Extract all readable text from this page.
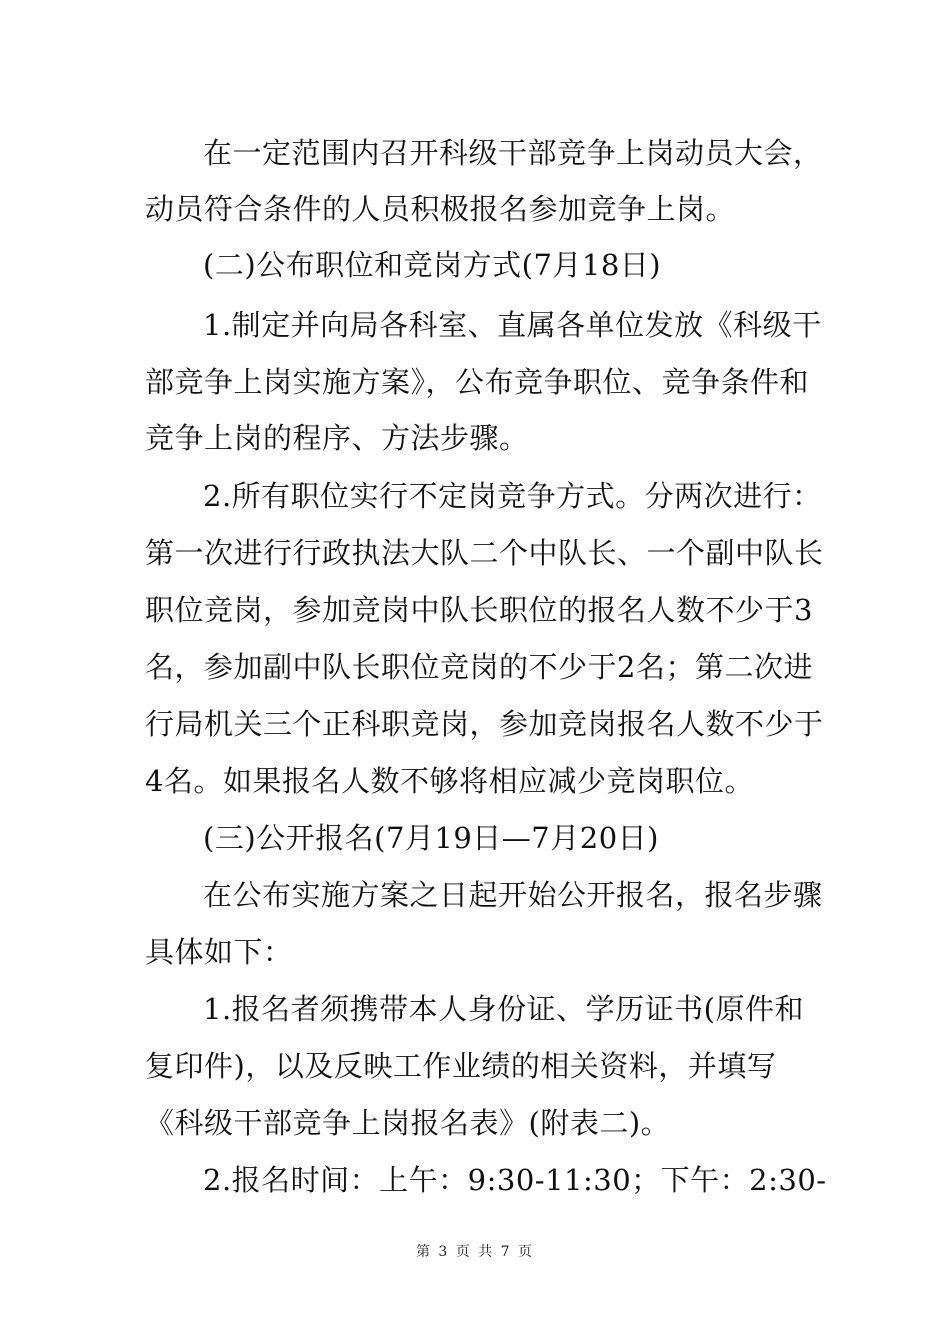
在一定范围内召开科级干部竞争上岗动员大会，
动员符合条件的人员积极报名参加竞争上岗。
(二)公布职位和竞岗方式(7月18日)
1.制定并向局各科室、直属各单位发放《科级干
部竞争上岗实施方案》，公布竞争职位、竞争条件和
竞争上岗的程序、方法步骤。
2.所有职位实行不定岗竞争方式。分两次进行：
第一次进行行政执法大队二个中队长、一个副中队长
职位竞岗，参加竞岗中队长职位的报名人数不少于3
名，参加副中队长职位竞岗的不少于2名；第二次进
行局机关三个正科职竞岗，参加竞岗报名人数不少于
4名。如果报名人数不够将相应减少竞岗职位。
(三)公开报名(7月19日—7月20日)
在公布实施方案之日起开始公开报名，报名步骤
具体如下：
1.报名者须携带本人身份证、学历证书(原件和
复印件)，以及反映工作业绩的相关资料，并填写
《科级干部竞争上岗报名表》(附表二)。
2.报名时间：上午：9:30-11:30；下午：2:30-
第 3 页 共 7 页
